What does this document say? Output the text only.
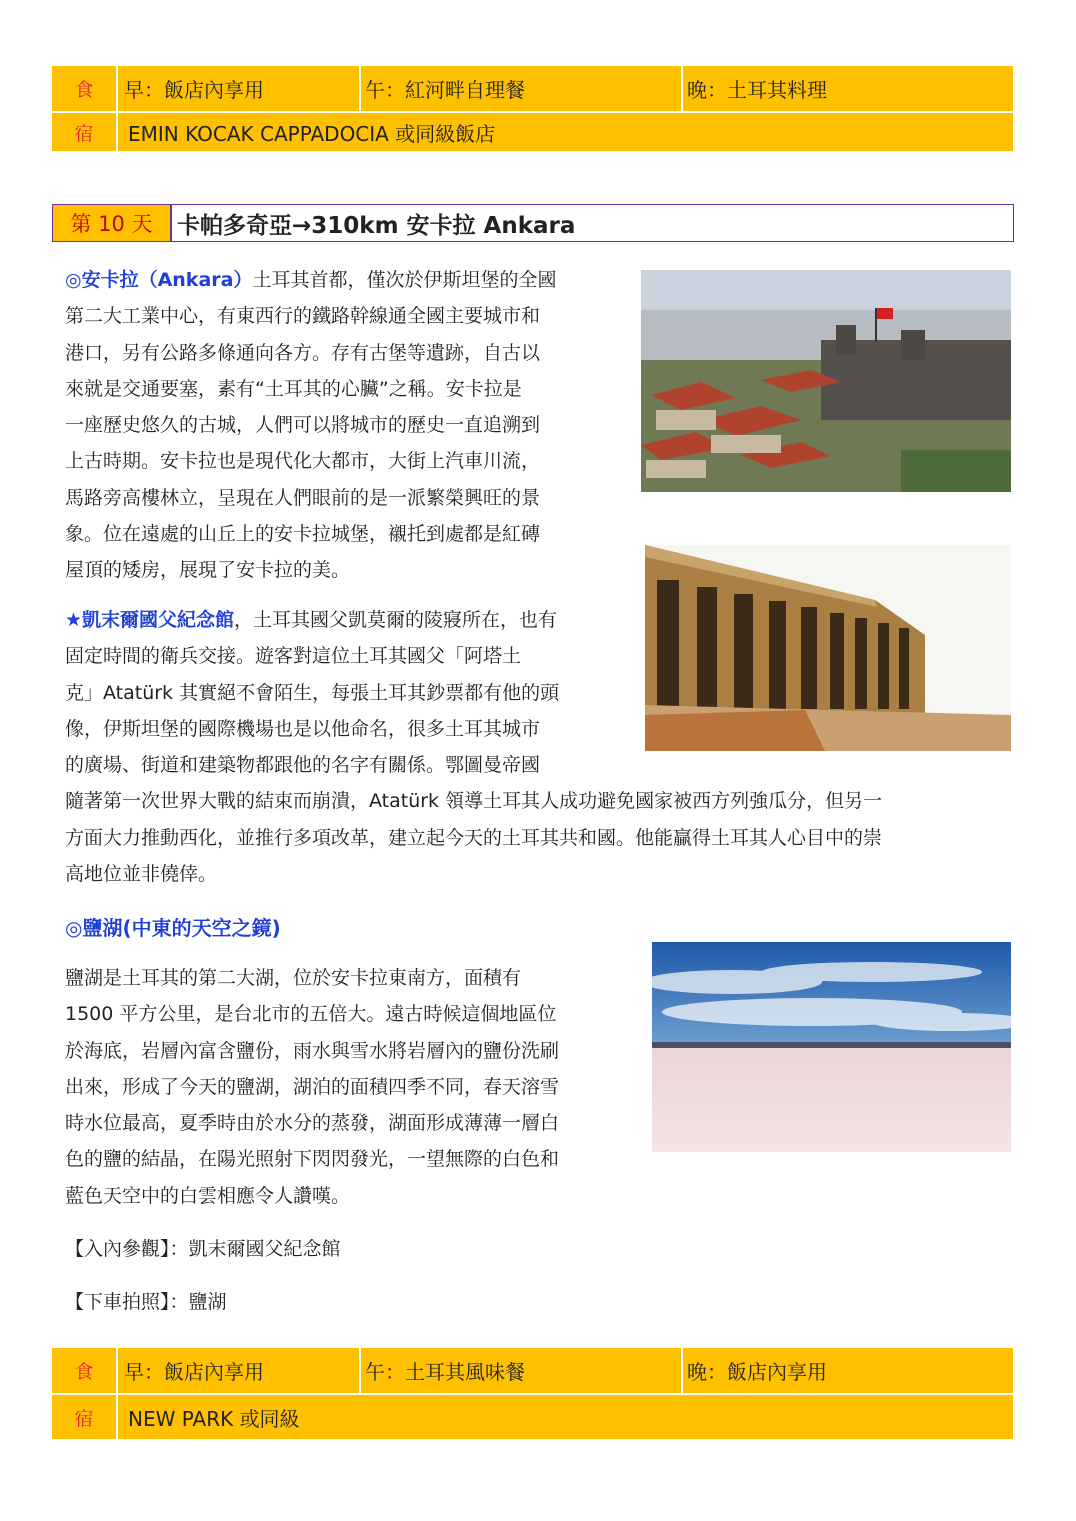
食	早：飯店內享用	午：紅河畔自理餐	晚：土耳其料理
宿	EMIN KOCAK CAPPADOCIA 或同級飯店
第 10 天	卡帕多奇亞→310km 安卡拉 Ankara
◎安卡拉（Ankara）土耳其首都，僅次於伊斯坦堡的全國
第二大工業中心，有東西行的鐵路幹線通全國主要城市和
港口，另有公路多條通向各方。存有古堡等遺跡，自古以
來就是交通要塞，素有“土耳其的心臟”之稱。安卡拉是
一座歷史悠久的古城，人們可以將城市的歷史一直追溯到
上古時期。安卡拉也是現代化大都市，大街上汽車川流，
馬路旁高樓林立，呈現在人們眼前的是一派繁榮興旺的景
象。位在遠處的山丘上的安卡拉城堡，襯托到處都是紅磚
屋頂的矮房，展現了安卡拉的美。
★凱末爾國父紀念館，土耳其國父凱莫爾的陵寢所在，也有
固定時間的衛兵交接。遊客對這位土耳其國父「阿塔土
克」Atatürk 其實絕不會陌生，每張土耳其鈔票都有他的頭
像，伊斯坦堡的國際機場也是以他命名，很多土耳其城市
的廣場、街道和建築物都跟他的名字有關係。鄂圖曼帝國
隨著第一次世界大戰的結束而崩潰，Atatürk 領導土耳其人成功避免國家被西方列強瓜分，但另一
方面大力推動西化，並推行多項改革，建立起今天的土耳其共和國。他能贏得土耳其人心目中的崇
高地位並非僥倖。
◎鹽湖(中東的天空之鏡)
鹽湖是土耳其的第二大湖，位於安卡拉東南方，面積有
1500 平方公里，是台北市的五倍大。遠古時候這個地區位
於海底，岩層內富含鹽份，雨水與雪水將岩層內的鹽份洗刷
出來，形成了今天的鹽湖，湖泊的面積四季不同，春天溶雪
時水位最高，夏季時由於水分的蒸發，湖面形成薄薄一層白
色的鹽的結晶，在陽光照射下閃閃發光，一望無際的白色和
藍色天空中的白雲相應令人讚嘆。
【入內參觀】：凱末爾國父紀念館
【下車拍照】：鹽湖
食	早：飯店內享用	午：土耳其風味餐	晚：飯店內享用
宿	NEW PARK 或同級
